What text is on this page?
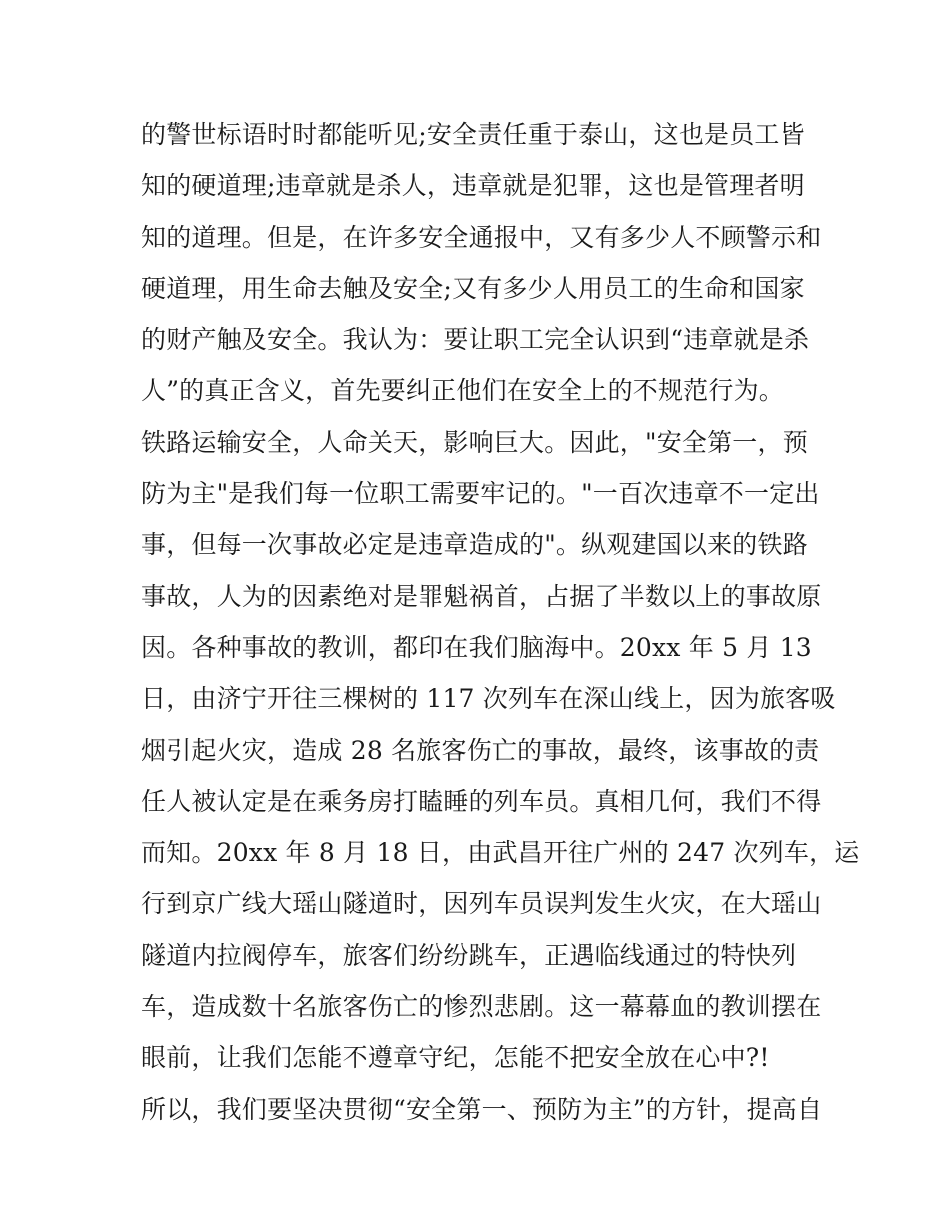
的警世标语时时都能听见;安全责任重于泰山，这也是员工皆
知的硬道理;违章就是杀人，违章就是犯罪，这也是管理者明
知的道理。但是，在许多安全通报中，又有多少人不顾警示和
硬道理，用生命去触及安全;又有多少人用员工的生命和国家
的财产触及安全。我认为：要让职工完全认识到“违章就是杀
人”的真正含义，首先要纠正他们在安全上的不规范行为。
铁路运输安全，人命关天，影响巨大。因此，"安全第一，预
防为主"是我们每一位职工需要牢记的。"一百次违章不一定出
事，但每一次事故必定是违章造成的"。纵观建国以来的铁路
事故，人为的因素绝对是罪魁祸首，占据了半数以上的事故原
因。各种事故的教训，都印在我们脑海中。20xx 年 5 月 13
日，由济宁开往三棵树的 117 次列车在深山线上，因为旅客吸
烟引起火灾，造成 28 名旅客伤亡的事故，最终，该事故的责
任人被认定是在乘务房打瞌睡的列车员。真相几何，我们不得
而知。20xx 年 8 月 18 日，由武昌开往广州的 247 次列车，运
行到京广线大瑶山隧道时，因列车员误判发生火灾，在大瑶山
隧道内拉阀停车，旅客们纷纷跳车，正遇临线通过的特快列
车，造成数十名旅客伤亡的惨烈悲剧。这一幕幕血的教训摆在
眼前，让我们怎能不遵章守纪，怎能不把安全放在心中?!
所以，我们要坚决贯彻“安全第一、预防为主”的方针，提高自
